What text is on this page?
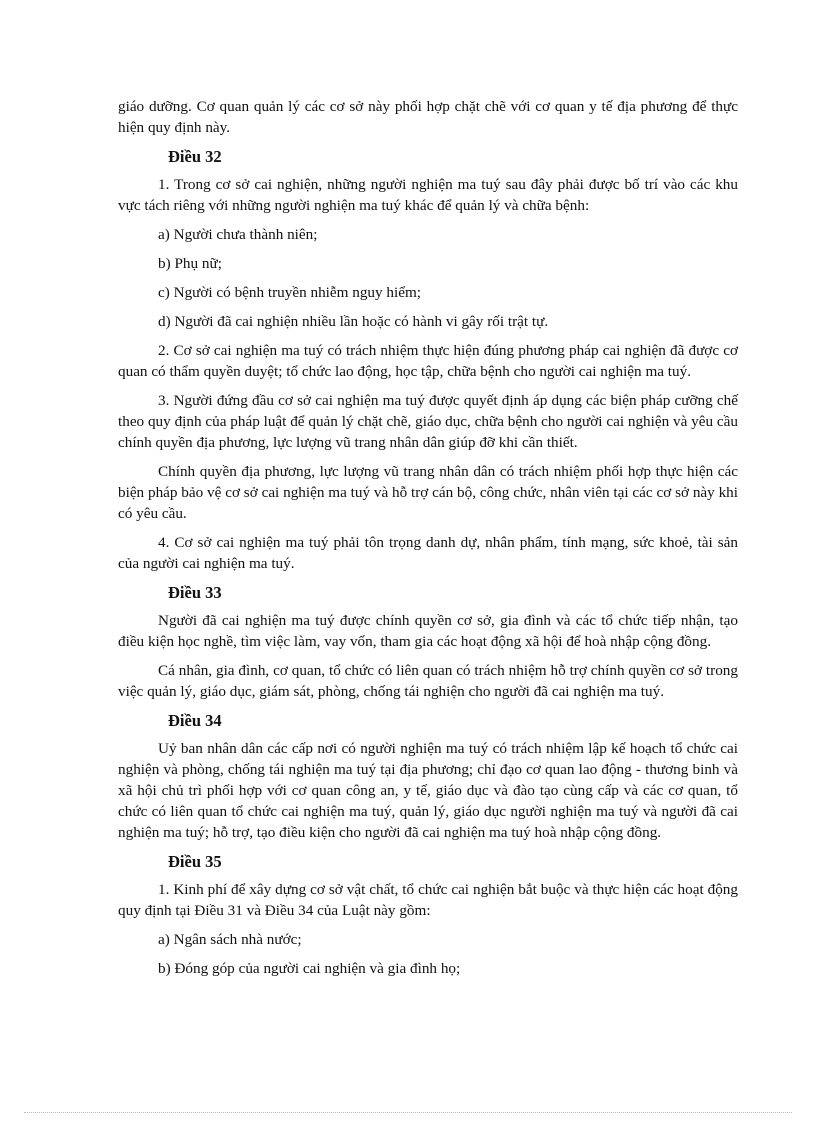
giáo dưỡng. Cơ quan quản lý các cơ sở này phối hợp chặt chẽ với cơ quan y tế địa phương để thực hiện quy định này.

Điều 32

1. Trong cơ sở cai nghiện, những người nghiện ma tuý sau đây phải được bố trí vào các khu vực tách riêng với những người nghiện ma tuý khác để quản lý và chữa bệnh:

a) Người chưa thành niên;

b) Phụ nữ;

c) Người có bệnh truyền nhiễm nguy hiểm;

d) Người đã cai nghiện nhiều lần hoặc có hành vi gây rối trật tự.

2. Cơ sở cai nghiện ma tuý có trách nhiệm thực hiện đúng phương pháp cai nghiện đã được cơ quan có thẩm quyền duyệt; tổ chức lao động, học tập, chữa bệnh cho người cai nghiện ma tuý.

3. Người đứng đầu cơ sở cai nghiện ma tuý được quyết định áp dụng các biện pháp cưỡng chế theo quy định của pháp luật để quản lý chặt chẽ, giáo dục, chữa bệnh cho người cai nghiện và yêu cầu chính quyền địa phương, lực lượng vũ trang nhân dân giúp đỡ khi cần thiết.

Chính quyền địa phương, lực lượng vũ trang nhân dân có trách nhiệm phối hợp thực hiện các biện pháp bảo vệ cơ sở cai nghiện ma tuý và hỗ trợ cán bộ, công chức, nhân viên tại các cơ sở này khi có yêu cầu.

4. Cơ sở cai nghiện ma tuý phải tôn trọng danh dự, nhân phẩm, tính mạng, sức khoẻ, tài sản của người cai nghiện ma tuý.

Điều 33

Người đã cai nghiện ma tuý được chính quyền cơ sở, gia đình và các tổ chức tiếp nhận, tạo điều kiện học nghề, tìm việc làm, vay vốn, tham gia các hoạt động xã hội để hoà nhập cộng đồng.

Cá nhân, gia đình, cơ quan, tổ chức có liên quan có trách nhiệm hỗ trợ chính quyền cơ sở trong việc quản lý, giáo dục, giám sát, phòng, chống tái nghiện cho người đã cai nghiện ma tuý.

Điều 34

Uỷ ban nhân dân các cấp nơi có người nghiện ma tuý có trách nhiệm lập kế hoạch tổ chức cai nghiện và phòng, chống tái nghiện ma tuý tại địa phương; chỉ đạo cơ quan lao động - thương binh và xã hội chủ trì phối hợp với cơ quan công an, y tế, giáo dục và đào tạo cùng cấp và các cơ quan, tổ chức có liên quan tổ chức cai nghiện ma tuý, quản lý, giáo dục người nghiện ma tuý và người đã cai nghiện ma tuý; hỗ trợ, tạo điều kiện cho người đã cai nghiện ma tuý hoà nhập cộng đồng.

Điều 35

1. Kinh phí để xây dựng cơ sở vật chất, tổ chức cai nghiện bắt buộc và thực hiện các hoạt động quy định tại Điều 31 và Điều 34 của Luật này gồm:

a) Ngân sách nhà nước;

b) Đóng góp của người cai nghiện và gia đình họ;
